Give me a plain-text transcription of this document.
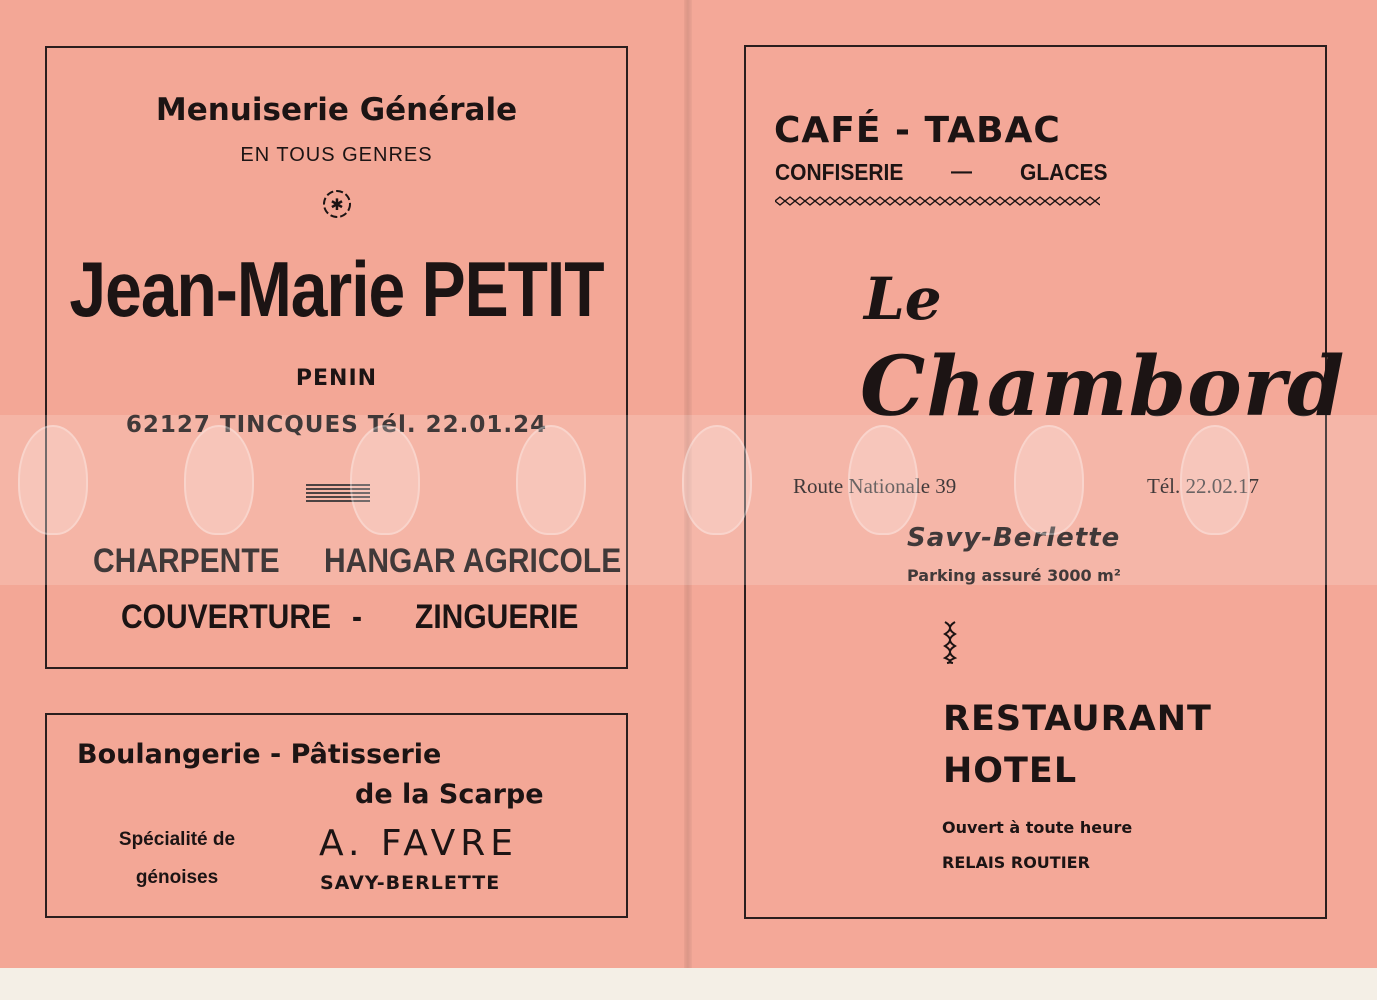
Menuiserie Générale
EN TOUS GENRES
✱
Jean-Marie PETIT
PENIN
62127 TINCQUES Tél. 22.01.24
CHARPENTE HANGAR AGRICOLE
COUVERTURE - ZINGUERIE
Boulangerie - Pâtisserie
de la Scarpe
Spécialité de
génoises
A. FAVRE
SAVY-BERLETTE
CAFÉ - TABAC
CONFISERIE — GLACES
Le
Chambord
Route Nationale 39	Tél. 22.02.17
Savy-Berlette
Parking assuré 3000 m²
RESTAURANT
HOTEL
Ouvert à toute heure
RELAIS ROUTIER
